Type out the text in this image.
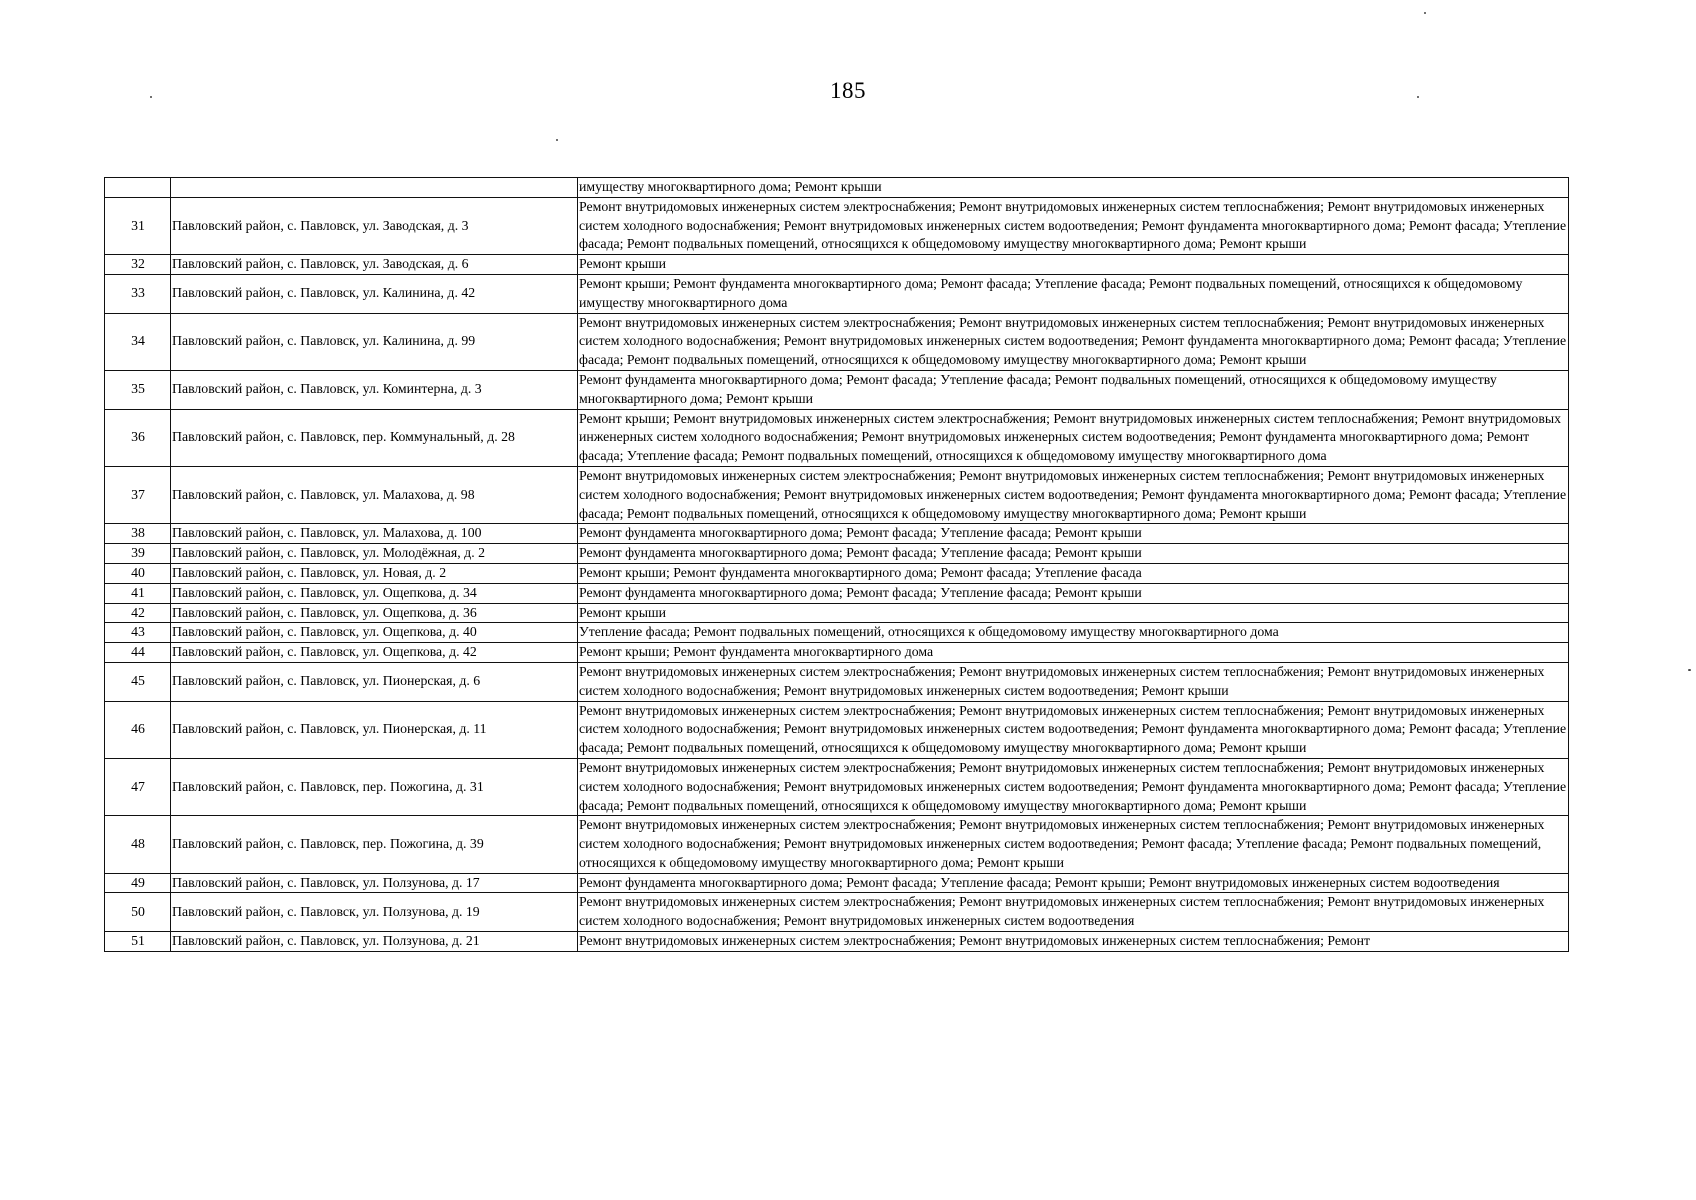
185
		имуществу многоквартирного дома; Ремонт крыши
31	Павловский район, с. Павловск, ул. Заводская, д. 3	Ремонт внутридомовых инженерных систем электроснабжения; Ремонт внутридомовых инженерных систем теплоснабжения; Ремонт внутридомовых инженерных систем холодного водоснабжения; Ремонт внутридомовых инженерных систем водоотведения; Ремонт фундамента многоквартирного дома; Ремонт фасада; Утепление фасада; Ремонт подвальных помещений, относящихся к общедомовому имуществу многоквартирного дома; Ремонт крыши
32	Павловский район, с. Павловск, ул. Заводская, д. 6	Ремонт крыши
33	Павловский район, с. Павловск, ул. Калинина, д. 42	Ремонт крыши; Ремонт фундамента многоквартирного дома; Ремонт фасада; Утепление фасада; Ремонт подвальных помещений, относящихся к общедомовому имуществу многоквартирного дома
34	Павловский район, с. Павловск, ул. Калинина, д. 99	Ремонт внутридомовых инженерных систем электроснабжения; Ремонт внутридомовых инженерных систем теплоснабжения; Ремонт внутридомовых инженерных систем холодного водоснабжения; Ремонт внутридомовых инженерных систем водоотведения; Ремонт фундамента многоквартирного дома; Ремонт фасада; Утепление фасада; Ремонт подвальных помещений, относящихся к общедомовому имуществу многоквартирного дома; Ремонт крыши
35	Павловский район, с. Павловск, ул. Коминтерна, д. 3	Ремонт фундамента многоквартирного дома; Ремонт фасада; Утепление фасада; Ремонт подвальных помещений, относящихся к общедомовому имуществу многоквартирного дома; Ремонт крыши
36	Павловский район, с. Павловск, пер. Коммунальный, д. 28	Ремонт крыши; Ремонт внутридомовых инженерных систем электроснабжения; Ремонт внутридомовых инженерных систем теплоснабжения; Ремонт внутридомовых инженерных систем холодного водоснабжения; Ремонт внутридомовых инженерных систем водоотведения; Ремонт фундамента многоквартирного дома; Ремонт фасада; Утепление фасада; Ремонт подвальных помещений, относящихся к общедомовому имуществу многоквартирного дома
37	Павловский район, с. Павловск, ул. Малахова, д. 98	Ремонт внутридомовых инженерных систем электроснабжения; Ремонт внутридомовых инженерных систем теплоснабжения; Ремонт внутридомовых инженерных систем холодного водоснабжения; Ремонт внутридомовых инженерных систем водоотведения; Ремонт фундамента многоквартирного дома; Ремонт фасада; Утепление фасада; Ремонт подвальных помещений, относящихся к общедомовому имуществу многоквартирного дома; Ремонт крыши
38	Павловский район, с. Павловск, ул. Малахова, д. 100	Ремонт фундамента многоквартирного дома; Ремонт фасада; Утепление фасада; Ремонт крыши
39	Павловский район, с. Павловск, ул. Молодёжная, д. 2	Ремонт фундамента многоквартирного дома; Ремонт фасада; Утепление фасада; Ремонт крыши
40	Павловский район, с. Павловск, ул. Новая, д. 2	Ремонт крыши; Ремонт фундамента многоквартирного дома; Ремонт фасада; Утепление фасада
41	Павловский район, с. Павловск, ул. Ощепкова, д. 34	Ремонт фундамента многоквартирного дома; Ремонт фасада; Утепление фасада; Ремонт крыши
42	Павловский район, с. Павловск, ул. Ощепкова, д. 36	Ремонт крыши
43	Павловский район, с. Павловск, ул. Ощепкова, д. 40	Утепление фасада; Ремонт подвальных помещений, относящихся к общедомовому имуществу многоквартирного дома
44	Павловский район, с. Павловск, ул. Ощепкова, д. 42	Ремонт крыши; Ремонт фундамента многоквартирного дома
45	Павловский район, с. Павловск, ул. Пионерская, д. 6	Ремонт внутридомовых инженерных систем электроснабжения; Ремонт внутридомовых инженерных систем теплоснабжения; Ремонт внутридомовых инженерных систем холодного водоснабжения; Ремонт внутридомовых инженерных систем водоотведения; Ремонт крыши
46	Павловский район, с. Павловск, ул. Пионерская, д. 11	Ремонт внутридомовых инженерных систем электроснабжения; Ремонт внутридомовых инженерных систем теплоснабжения; Ремонт внутридомовых инженерных систем холодного водоснабжения; Ремонт внутридомовых инженерных систем водоотведения; Ремонт фундамента многоквартирного дома; Ремонт фасада; Утепление фасада; Ремонт подвальных помещений, относящихся к общедомовому имуществу многоквартирного дома; Ремонт крыши
47	Павловский район, с. Павловск, пер. Пожогина, д. 31	Ремонт внутридомовых инженерных систем электроснабжения; Ремонт внутридомовых инженерных систем теплоснабжения; Ремонт внутридомовых инженерных систем холодного водоснабжения; Ремонт внутридомовых инженерных систем водоотведения; Ремонт фундамента многоквартирного дома; Ремонт фасада; Утепление фасада; Ремонт подвальных помещений, относящихся к общедомовому имуществу многоквартирного дома; Ремонт крыши
48	Павловский район, с. Павловск, пер. Пожогина, д. 39	Ремонт внутридомовых инженерных систем электроснабжения; Ремонт внутридомовых инженерных систем теплоснабжения; Ремонт внутридомовых инженерных систем холодного водоснабжения; Ремонт внутридомовых инженерных систем водоотведения; Ремонт фасада; Утепление фасада; Ремонт подвальных помещений, относящихся к общедомовому имуществу многоквартирного дома; Ремонт крыши
49	Павловский район, с. Павловск, ул. Ползунова, д. 17	Ремонт фундамента многоквартирного дома; Ремонт фасада; Утепление фасада; Ремонт крыши; Ремонт внутридомовых инженерных систем водоотведения
50	Павловский район, с. Павловск, ул. Ползунова, д. 19	Ремонт внутридомовых инженерных систем электроснабжения; Ремонт внутридомовых инженерных систем теплоснабжения; Ремонт внутридомовых инженерных систем холодного водоснабжения; Ремонт внутридомовых инженерных систем водоотведения
51	Павловский район, с. Павловск, ул. Ползунова, д. 21	Ремонт внутридомовых инженерных систем электроснабжения; Ремонт внутридомовых инженерных систем теплоснабжения; Ремонт
